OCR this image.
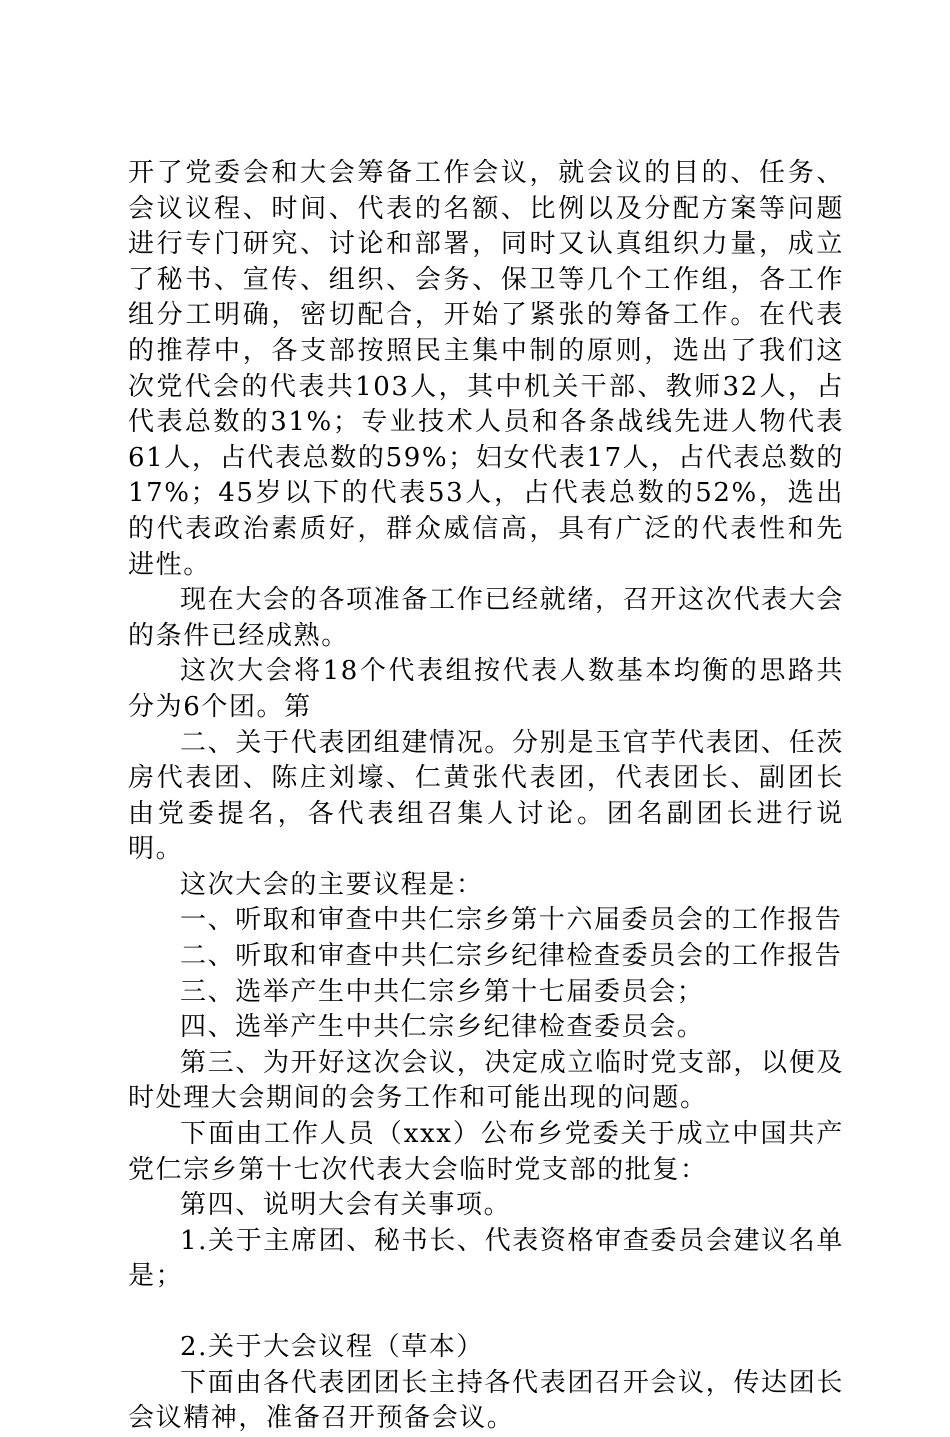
开了党委会和大会筹备工作会议，就会议的目的、任务、会议议程、时间、代表的名额、比例以及分配方案等问题进行专门研究、讨论和部署，同时又认真组织力量，成立了秘书、宣传、组织、会务、保卫等几个工作组，各工作组分工明确，密切配合，开始了紧张的筹备工作。在代表的推荐中，各支部按照民主集中制的原则，选出了我们这次党代会的代表共103人，其中机关干部、教师32人，占代表总数的31%；专业技术人员和各条战线先进人物代表61人，占代表总数的59%；妇女代表17人，占代表总数的17%；45岁以下的代表53人，占代表总数的52%，选出的代表政治素质好，群众威信高，具有广泛的代表性和先进性。

现在大会的各项准备工作已经就绪，召开这次代表大会的条件已经成熟。

这次大会将18个代表组按代表人数基本均衡的思路共分为6个团。第

二、关于代表团组建情况。分别是玉官芋代表团、任茨房代表团、陈庄刘壕、仁黄张代表团，代表团长、副团长由党委提名，各代表组召集人讨论。团名副团长进行说明。

这次大会的主要议程是：

一、听取和审查中共仁宗乡第十六届委员会的工作报告

二、听取和审查中共仁宗乡纪律检查委员会的工作报告

三、选举产生中共仁宗乡第十七届委员会；

四、选举产生中共仁宗乡纪律检查委员会。

第三、为开好这次会议，决定成立临时党支部，以便及时处理大会期间的会务工作和可能出现的问题。

下面由工作人员（xxx）公布乡党委关于成立中国共产党仁宗乡第十七次代表大会临时党支部的批复：

第四、说明大会有关事项。

1.关于主席团、秘书长、代表资格审查委员会建议名单是；

2.关于大会议程（草本）

下面由各代表团团长主持各代表团召开会议，传达团长会议精神，准备召开预备会议。
